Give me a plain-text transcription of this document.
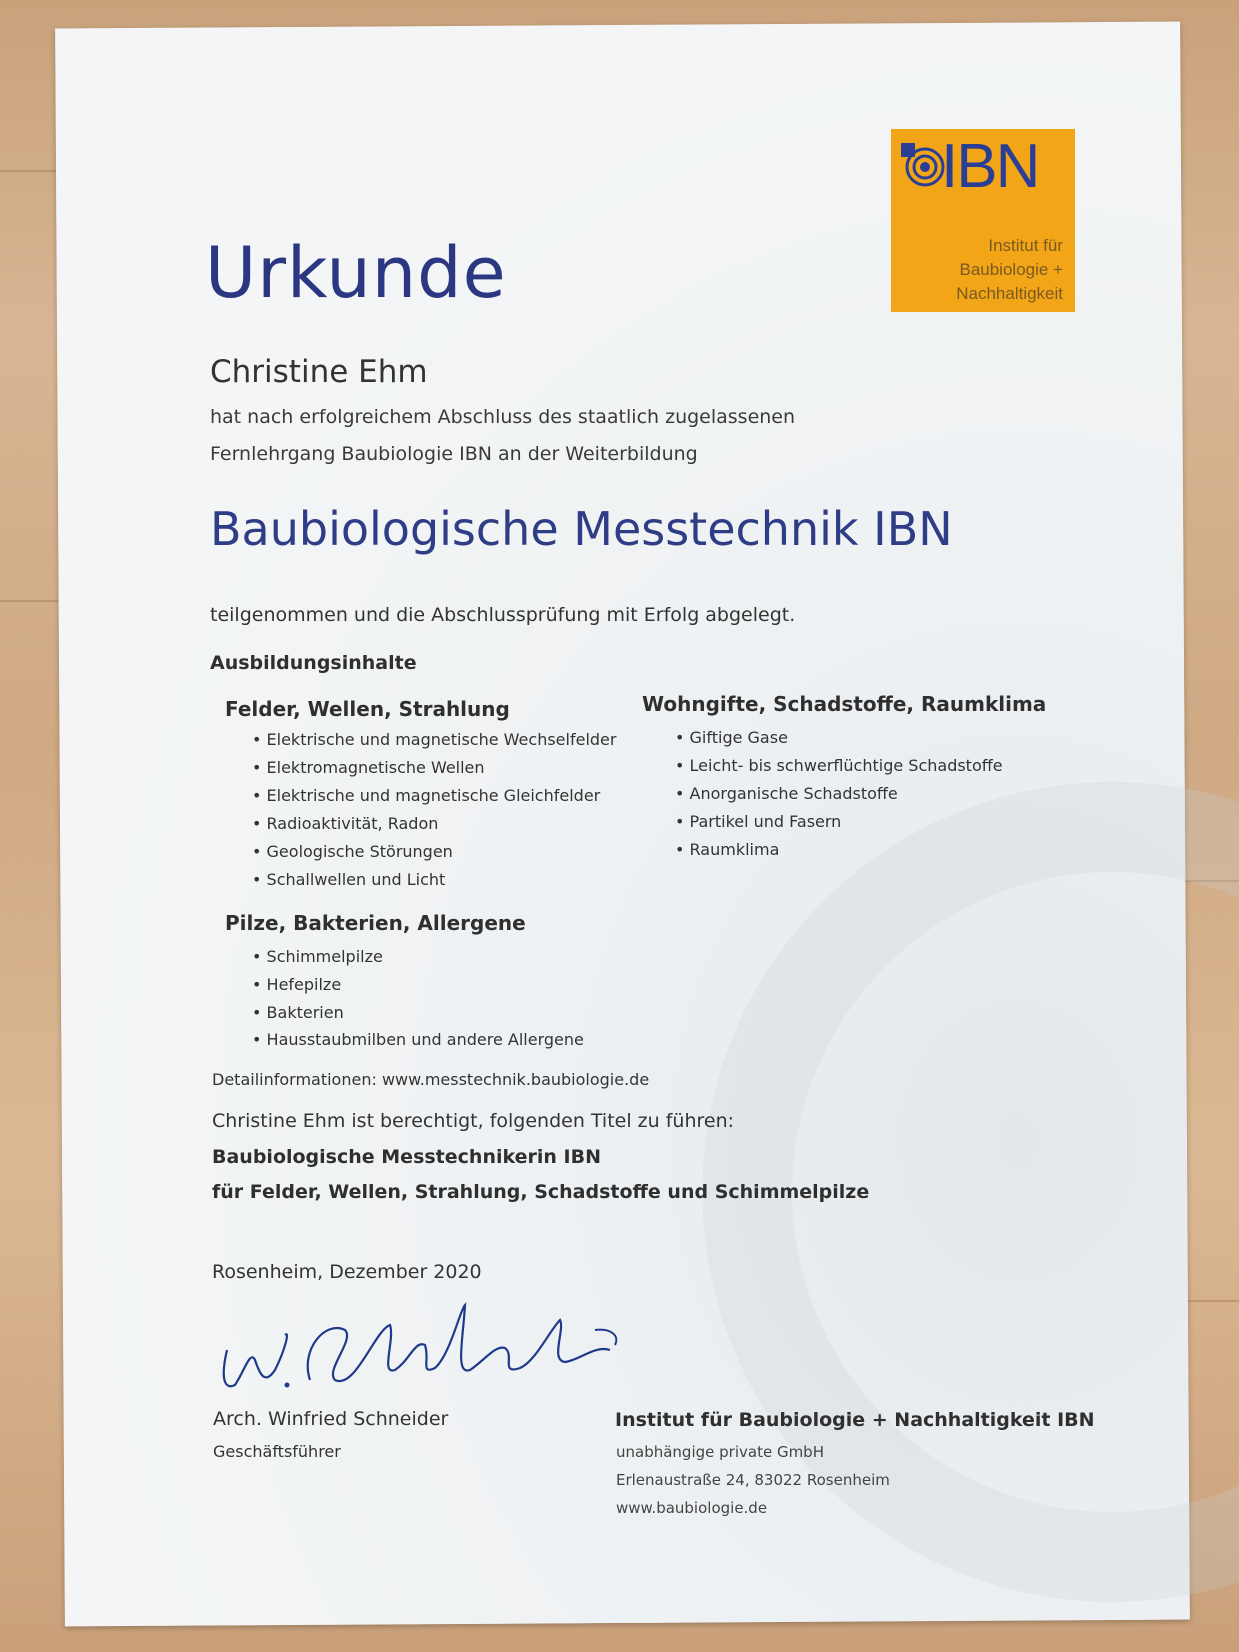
IBN
Institut für
Baubiologie +
Nachhaltigkeit
Urkunde
Christine Ehm
hat nach erfolgreichem Abschluss des staatlich zugelassenen
Fernlehrgang Baubiologie IBN an der Weiterbildung
Baubiologische Messtechnik IBN
teilgenommen und die Abschlussprüfung mit Erfolg abgelegt.
Ausbildungsinhalte
Felder, Wellen, Strahlung
• Elektrische und magnetische Wechselfelder
• Elektromagnetische Wellen
• Elektrische und magnetische Gleichfelder
• Radioaktivität, Radon
• Geologische Störungen
• Schallwellen und Licht
Pilze, Bakterien, Allergene
• Schimmelpilze
• Hefepilze
• Bakterien
• Hausstaubmilben und andere Allergene
Wohngifte, Schadstoffe, Raumklima
• Giftige Gase
• Leicht- bis schwerflüchtige Schadstoffe
• Anorganische Schadstoffe
• Partikel und Fasern
• Raumklima
Detailinformationen: www.messtechnik.baubiologie.de
Christine Ehm ist berechtigt, folgenden Titel zu führen:
Baubiologische Messtechnikerin IBN
für Felder, Wellen, Strahlung, Schadstoffe und Schimmelpilze
Rosenheim, Dezember 2020
Arch. Winfried Schneider
Geschäftsführer
Institut für Baubiologie + Nachhaltigkeit IBN
unabhängige private GmbH
Erlenaustraße 24, 83022 Rosenheim
www.baubiologie.de
